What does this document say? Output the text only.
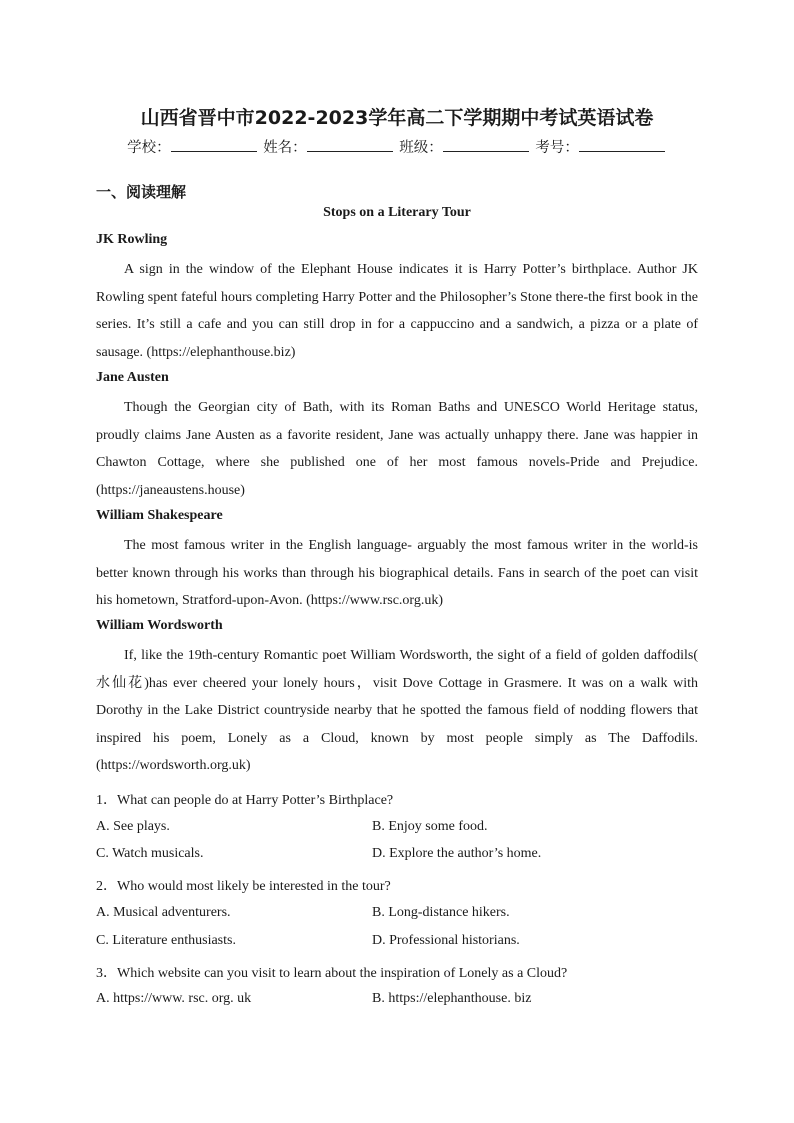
山西省晋中市2022-2023学年高二下学期期中考试英语试卷
学校：	姓名：	班级：	考号：
一、阅读理解
Stops on a Literary Tour
JK Rowling
A sign in the window of the Elephant House indicates it is Harry Potter’s birthplace. Author JK Rowling spent fateful hours completing Harry Potter and the Philosopher’s Stone there-the first book in the series. It’s still a cafe and you can still drop in for a cappuccino and a sandwich, a pizza or a plate of sausage. (https://elephanthouse.biz)
Jane Austen
Though the Georgian city of Bath, with its Roman Baths and UNESCO World Heritage status, proudly claims Jane Austen as a favorite resident, Jane was actually unhappy there. Jane was happier in Chawton Cottage, where she published one of her most famous novels-Pride and Prejudice.(https://janeaustens.house)
William Shakespeare
The most famous writer in the English language- arguably the most famous writer in the world-is better known through his works than through his biographical details. Fans in search of the poet can visit his hometown, Stratford-upon-Avon. (https://www.rsc.org.uk)
William Wordsworth
If, like the 19th-century Romantic poet William Wordsworth, the sight of a field of golden daffodils( 水仙花)has ever cheered your lonely hours，visit Dove Cottage in Grasmere. It was on a walk with Dorothy in the Lake District countryside nearby that he spotted the famous field of nodding flowers that inspired his poem, Lonely as a Cloud, known by most people simply as The Daffodils.(https://wordsworth.org.uk)
1．What can people do at Harry Potter’s Birthplace?
A. See plays.	B. Enjoy some food.
C. Watch musicals.	D. Explore the author’s home.
2．Who would most likely be interested in the tour?
A. Musical adventurers.	B. Long-distance hikers.
C. Literature enthusiasts.	D. Professional historians.
3．Which website can you visit to learn about the inspiration of Lonely as a Cloud?
A. https://www. rsc. org. uk	B. https://elephanthouse. biz
